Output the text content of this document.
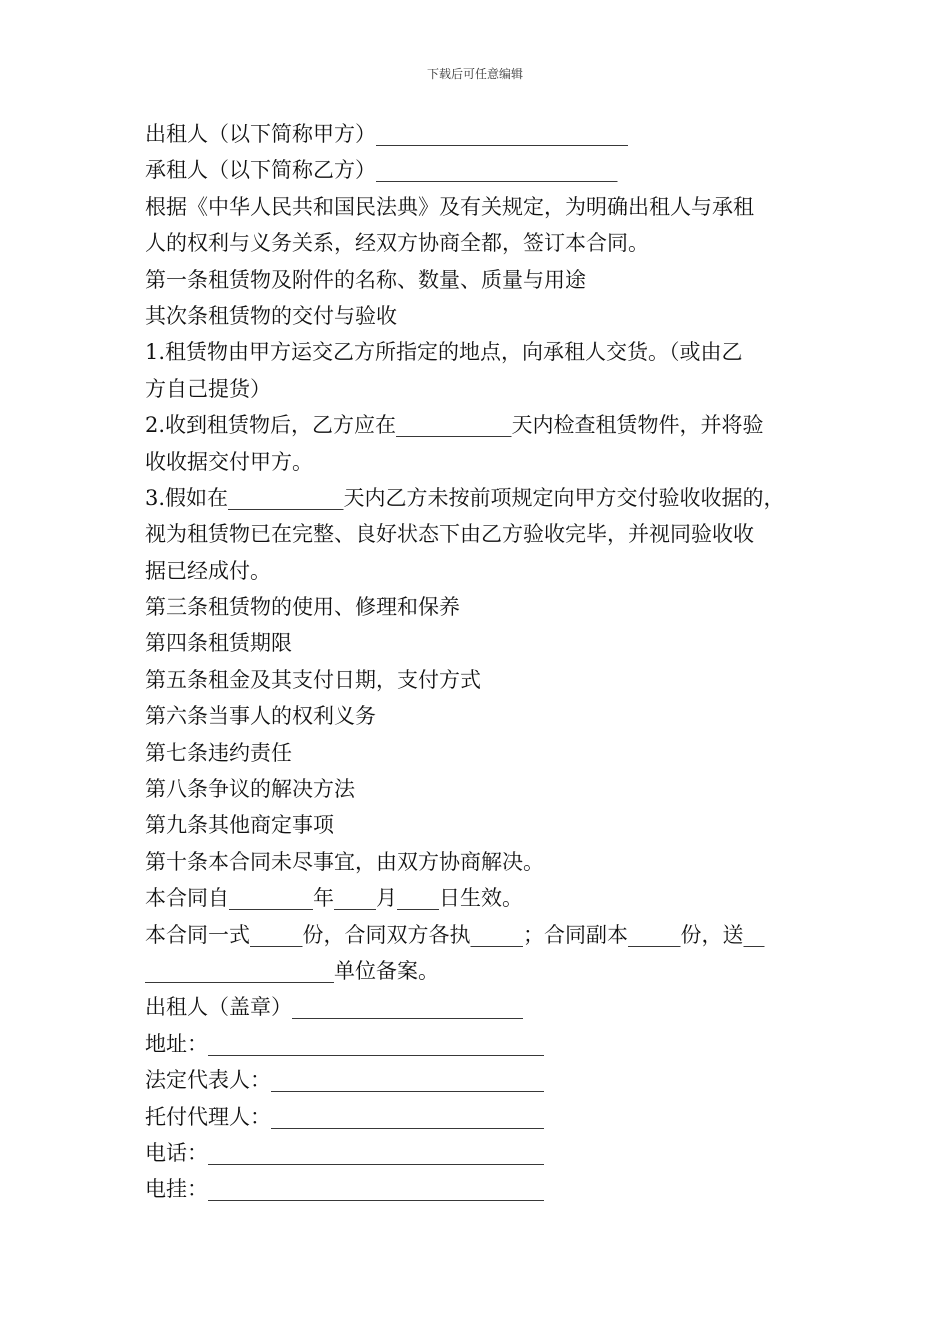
下载后可任意编辑
出租人（以下简称甲方）________________________
承租人（以下简称乙方）_______________________
根据《中华人民共和国民法典》及有关规定，为明确出租人与承租
人的权利与义务关系，经双方协商全都，签订本合同。
第一条租赁物及附件的名称、数量、质量与用途
其次条租赁物的交付与验收
1.租赁物由甲方运交乙方所指定的地点，向承租人交货。（或由乙
方自己提货）
2.收到租赁物后，乙方应在___________天内检查租赁物件，并将验
收收据交付甲方。
3.假如在___________天内乙方未按前项规定向甲方交付验收收据的，
视为租赁物已在完整、良好状态下由乙方验收完毕，并视同验收收
据已经成付。
第三条租赁物的使用、修理和保养
第四条租赁期限
第五条租金及其支付日期，支付方式
第六条当事人的权利义务
第七条违约责任
第八条争议的解决方法
第九条其他商定事项
第十条本合同未尽事宜，由双方协商解决。
本合同自________年____月____日生效。
本合同一式_____份，合同双方各执_____；合同副本_____份，送__
__________________单位备案。
出租人（盖章）______________________
地址：________________________________
法定代表人：__________________________
托付代理人：__________________________
电话：________________________________
电挂：________________________________
